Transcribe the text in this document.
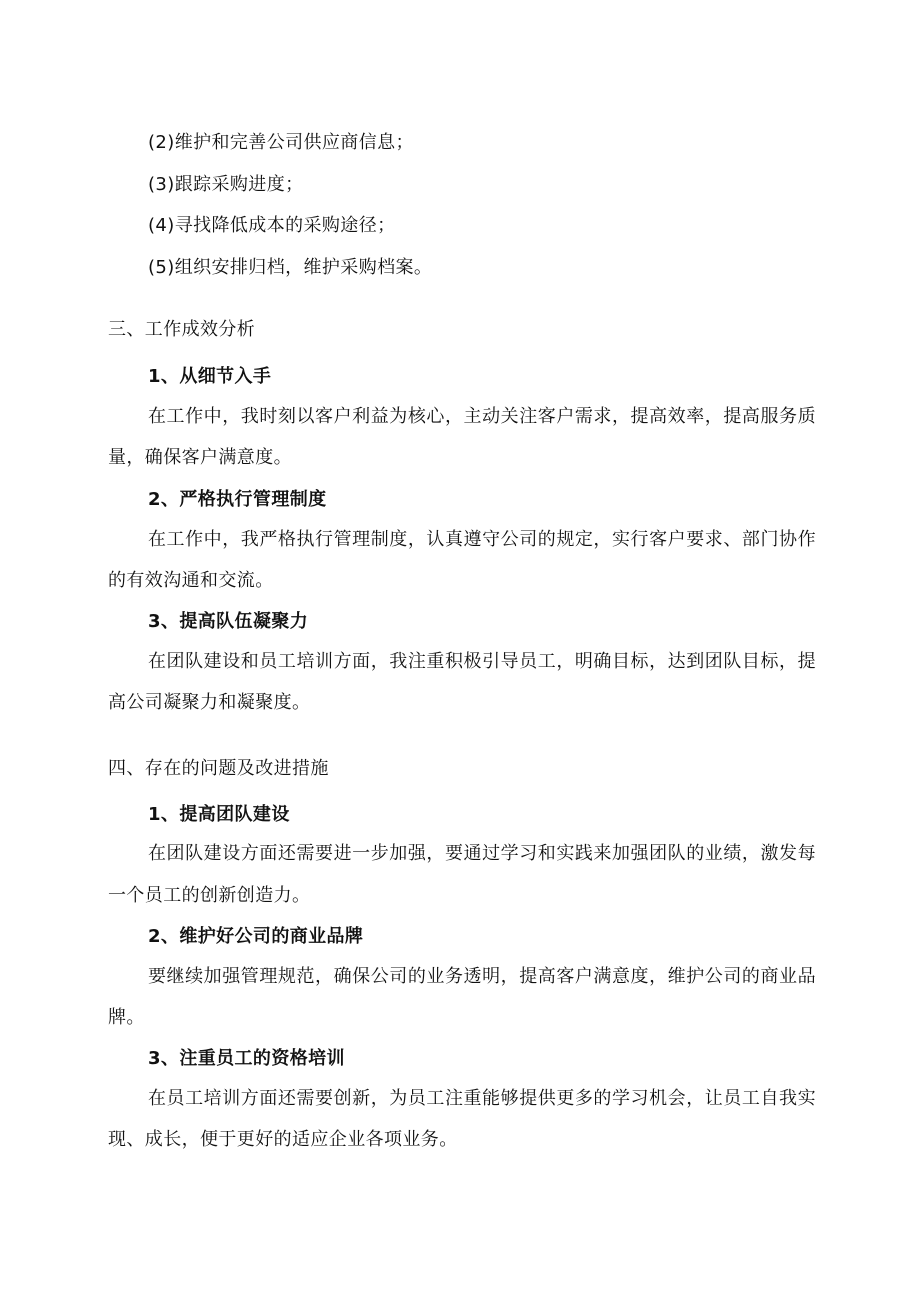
(2)维护和完善公司供应商信息；
(3)跟踪采购进度；
(4)寻找降低成本的采购途径；
(5)组织安排归档，维护采购档案。
三、工作成效分析
1、从细节入手
在工作中，我时刻以客户利益为核心，主动关注客户需求，提高效率，提高服务质
量，确保客户满意度。
2、严格执行管理制度
在工作中，我严格执行管理制度，认真遵守公司的规定，实行客户要求、部门协作
的有效沟通和交流。
3、提高队伍凝聚力
在团队建设和员工培训方面，我注重积极引导员工，明确目标，达到团队目标，提
高公司凝聚力和凝聚度。
四、存在的问题及改进措施
1、提高团队建设
在团队建设方面还需要进一步加强，要通过学习和实践来加强团队的业绩，激发每
一个员工的创新创造力。
2、维护好公司的商业品牌
要继续加强管理规范，确保公司的业务透明，提高客户满意度，维护公司的商业品
牌。
3、注重员工的资格培训
在员工培训方面还需要创新，为员工注重能够提供更多的学习机会，让员工自我实
现、成长，便于更好的适应企业各项业务。
